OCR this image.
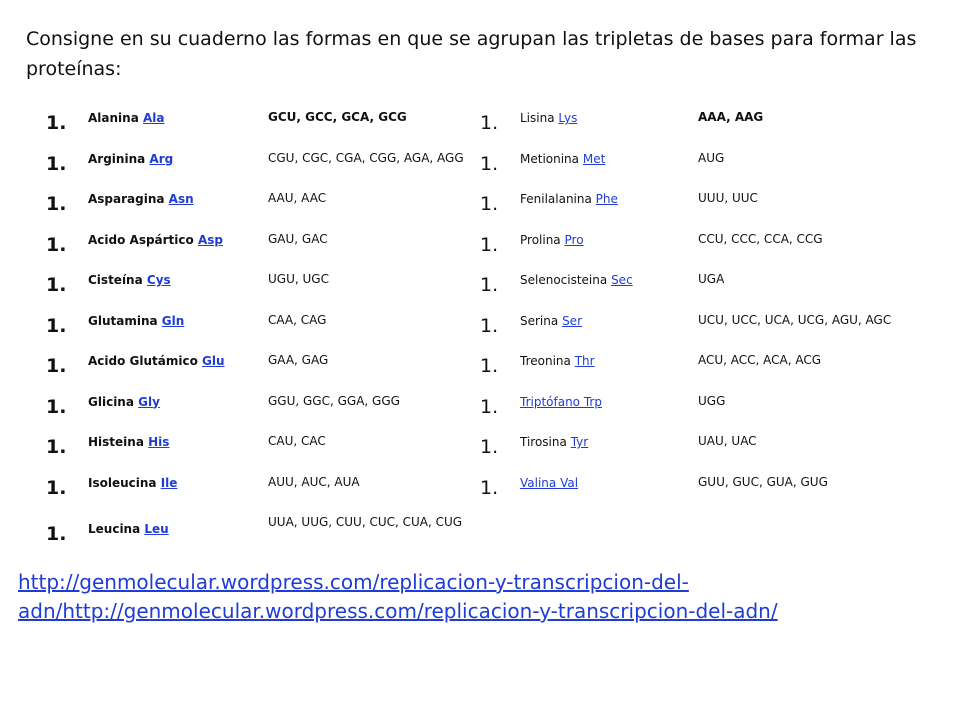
Consigne en su cuaderno las formas en que se agrupan las tripletas de bases para formar las proteínas:
1. Alanina Ala	GCU, GCC, GCA, GCG
1. Arginina Arg	CGU, CGC, CGA, CGG, AGA, AGG
1. Asparagina Asn	AAU, AAC
1. Acido Aspártico Asp	GAU, GAC
1. Cisteína Cys	UGU, UGC
1. Glutamina Gln	CAA, CAG
1. Acido Glutámico Glu	GAA, GAG
1. Glicina Gly	GGU, GGC, GGA, GGG
1. Histeina His	CAU, CAC
1. Isoleucina Ile	AUU, AUC, AUA
1. Leucina Leu	UUA, UUG, CUU, CUC, CUA, CUG
1. Lisina Lys	AAA, AAG
1. Metionina Met	AUG
1. Fenilalanina Phe	UUU, UUC
1. Prolina Pro	CCU, CCC, CCA, CCG
1. Selenocisteina Sec	UGA
1. Serina Ser	UCU, UCC, UCA, UCG, AGU, AGC
1. Treonina Thr	ACU, ACC, ACA, ACG
1. Triptófano Trp	UGG
1. Tirosina Tyr	UAU, UAC
1. Valina Val	GUU, GUC, GUA, GUG
http://genmolecular.wordpress.com/replicacion-y-transcripcion-del-adn/http://genmolecular.wordpress.com/replicacion-y-transcripcion-del-adn/
